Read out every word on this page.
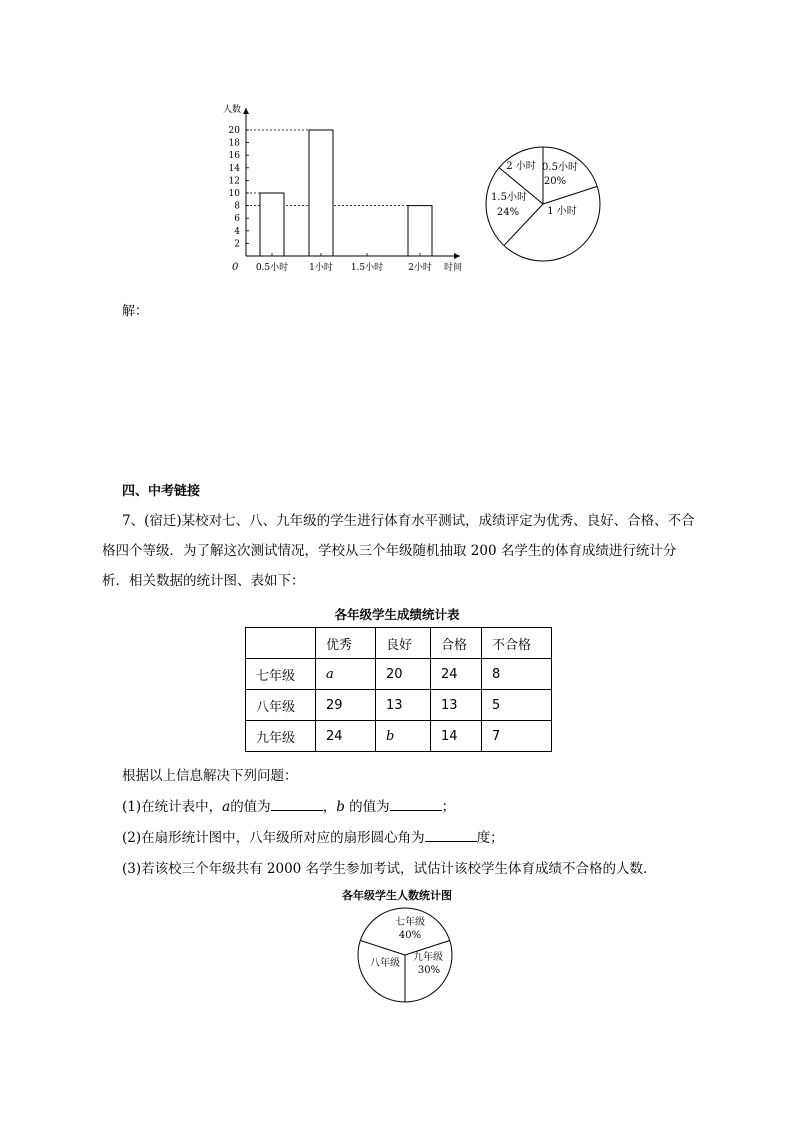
2
4
6
8
10
12
14
16
18
20
0.5小时 1小时 1.5小时	2小时
人数
时间
0
0.5小时
20%
1 小时
1.5小时
24%
2 小时
解：
四、中考链接

7、(宿迁)某校对七、八、九年级的学生进行体育水平测试，成绩评定为优秀、良好、合格、不合格四个等级．为了解这次测试情况，学校从三个年级随机抽取 200 名学生的体育成绩进行统计分析．相关数据的统计图、表如下：

各年级学生成绩统计表
	优秀	良好	合格	不合格
七年级	a	20	24	8
八年级	29	13	13	5
九年级	24	b	14	7
根据以上信息解决下列问题：
(1)在统计表中，a的值为	，b 的值为	；
(2)在扇形统计图中，八年级所对应的扇形圆心角为	度；
(3)若该校三个年级共有 2000 名学生参加考试，试估计该校学生体育成绩不合格的人数．
各年级学生人数统计图
七年级
40%
九年级
30%
八年级
